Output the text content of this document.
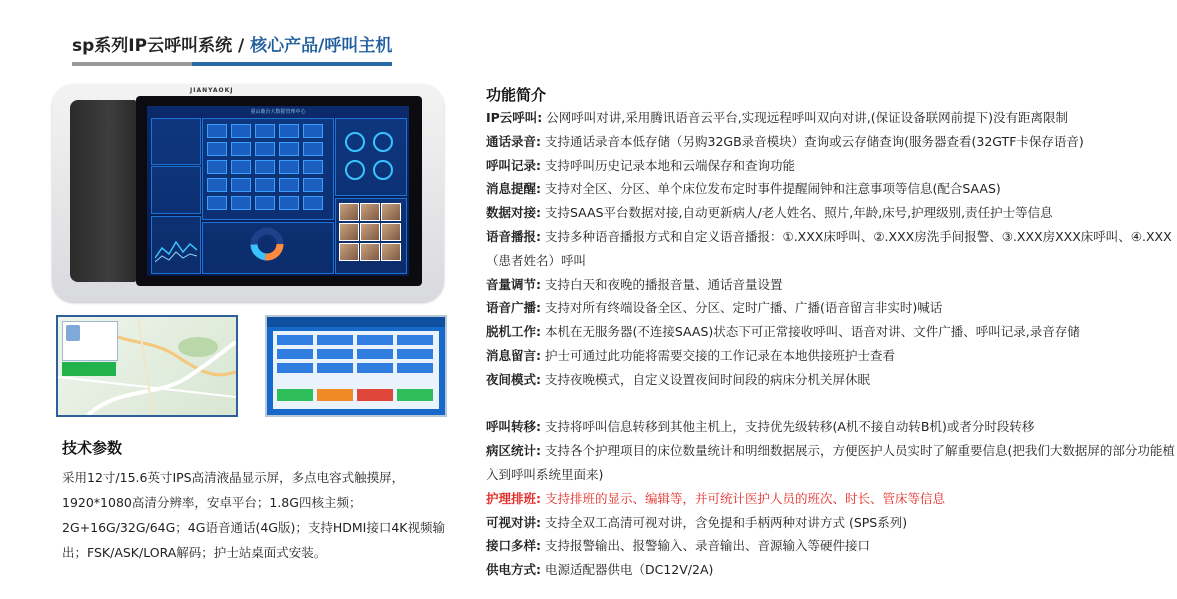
sp系列IP云呼叫系统 / 核心产品/呼叫主机
JIANYAOKJ
重山鹿台大数据管理中心
技术参数
采用12寸/15.6英寸IPS高清液晶显示屏，多点电容式触摸屏，1920*1080高清分辨率，安卓平台；1.8G四核主频；2G+16G/32G/64G；4G语音通话(4G版)；支持HDMI接口4K视频输出；FSK/ASK/LORA解码；护士站桌面式安装。
功能简介
IP云呼叫: 公网呼叫对讲,采用腾讯语音云平台,实现远程呼叫双向对讲,(保证设备联网前提下)没有距离限制
通话录音: 支持通话录音本低存储（另购32GB录音模块）查询或云存储查询(服务器查看(32GTF卡保存语音)
呼叫记录: 支持呼叫历史记录本地和云端保存和查询功能
消息提醒: 支持对全区、分区、单个床位发布定时事件提醒闹钟和注意事项等信息(配合SAAS)
数据对接: 支持SAAS平台数据对接,自动更新病人/老人姓名、照片,年龄,床号,护理级别,责任护士等信息
语音播报: 支持多种语音播报方式和自定义语音播报：①.XXX床呼叫、②.XXX房洗手间报警、③.XXX房XXX床呼叫、④.XXX（患者姓名）呼叫
音量调节: 支持白天和夜晚的播报音量、通话音量设置
语音广播: 支持对所有终端设备全区、分区、定时广播、广播(语音留言非实时)喊话
脱机工作: 本机在无服务器(不连接SAAS)状态下可正常接收呼叫、语音对讲、文件广播、呼叫记录,录音存储
消息留言: 护士可通过此功能将需要交接的工作记录在本地供接班护士查看
夜间模式: 支持夜晚模式，自定义设置夜间时间段的病床分机关屏休眠
呼叫转移: 支持将呼叫信息转移到其他主机上，支持优先级转移(A机不接自动转B机)或者分时段转移
病区统计: 支持各个护理项目的床位数量统计和明细数据展示，方便医护人员实时了解重要信息(把我们大数据屏的部分功能植入到呼叫系统里面来)
护理排班: 支持排班的显示、编辑等，并可统计医护人员的班次、时长、管床等信息
可视对讲: 支持全双工高清可视对讲，含免提和手柄两种对讲方式 (SPS系列)
接口多样: 支持报警输出、报警输入、录音输出、音源输入等硬件接口
供电方式: 电源适配器供电（DC12V/2A)
